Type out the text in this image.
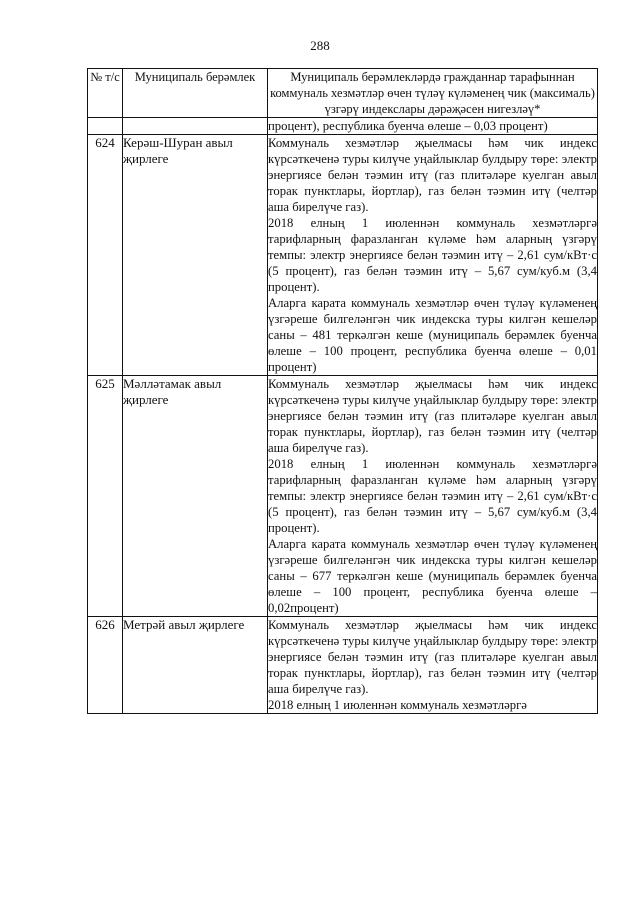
288
№ т/с	Муниципаль берәмлек	Муниципаль берәмлекләрдә гражданнар тарафыннан коммуналь хезмәтләр өчен түләү күләменең чик (максималь) үзгәрү индекслары дәрәҗәсен нигезләү*

		процент), республика буенча өлеше – 0,03 процент)

624	Керәш-Шуран авыл җирлеге	Коммуналь хезмәтләр җыелмасы һәм чик индекс күрсәткеченә туры килүче уңайлыклар булдыру төре: электр энергиясе белән тәэмин итү (газ плитәләре куелган авыл торак пунктлары, йортлар), газ белән тәэмин итү (челтәр аша бирелүче газ).

2018 елның 1 июленнән коммуналь хезмәтләргә тарифларның фаразланган күләме һәм аларның үзгәрү темпы: электр энергиясе белән тәэмин итү – 2,61 сум/кВт·с (5 процент), газ белән тәэмин итү – 5,67 сум/куб.м (3,4 процент).

Аларга карата коммуналь хезмәтләр өчен түләү күләменең үзгәреше билгеләнгән чик индекска туры килгән кешеләр саны – 481 теркәлгән кеше (муниципаль берәмлек буенча өлеше – 100 процент, республика буенча өлеше – 0,01 процент)

625	Мәлләтамак авыл җирлеге	Коммуналь хезмәтләр җыелмасы һәм чик индекс күрсәткеченә туры килүче уңайлыклар булдыру төре: электр энергиясе белән тәэмин итү (газ плитәләре куелган авыл торак пунктлары, йортлар), газ белән тәэмин итү (челтәр аша бирелүче газ).

2018 елның 1 июленнән коммуналь хезмәтләргә тарифларның фаразланган күләме һәм аларның үзгәрү темпы: электр энергиясе белән тәэмин итү – 2,61 сум/кВт·с (5 процент), газ белән тәэмин итү – 5,67 сум/куб.м (3,4 процент).

Аларга карата коммуналь хезмәтләр өчен түләү күләменең үзгәреше билгеләнгән чик индекска туры килгән кешеләр саны – 677 теркәлгән кеше (муниципаль берәмлек буенча өлеше – 100 процент, республика буенча өлеше – 0,02процент)

626	Метрәй авыл җирлеге	Коммуналь хезмәтләр җыелмасы һәм чик индекс күрсәткеченә туры килүче уңайлыклар булдыру төре: электр энергиясе белән тәэмин итү (газ плитәләре куелган авыл торак пунктлары, йортлар), газ белән тәэмин итү (челтәр аша бирелүче газ).

2018 елның 1 июленнән коммуналь хезмәтләргә
